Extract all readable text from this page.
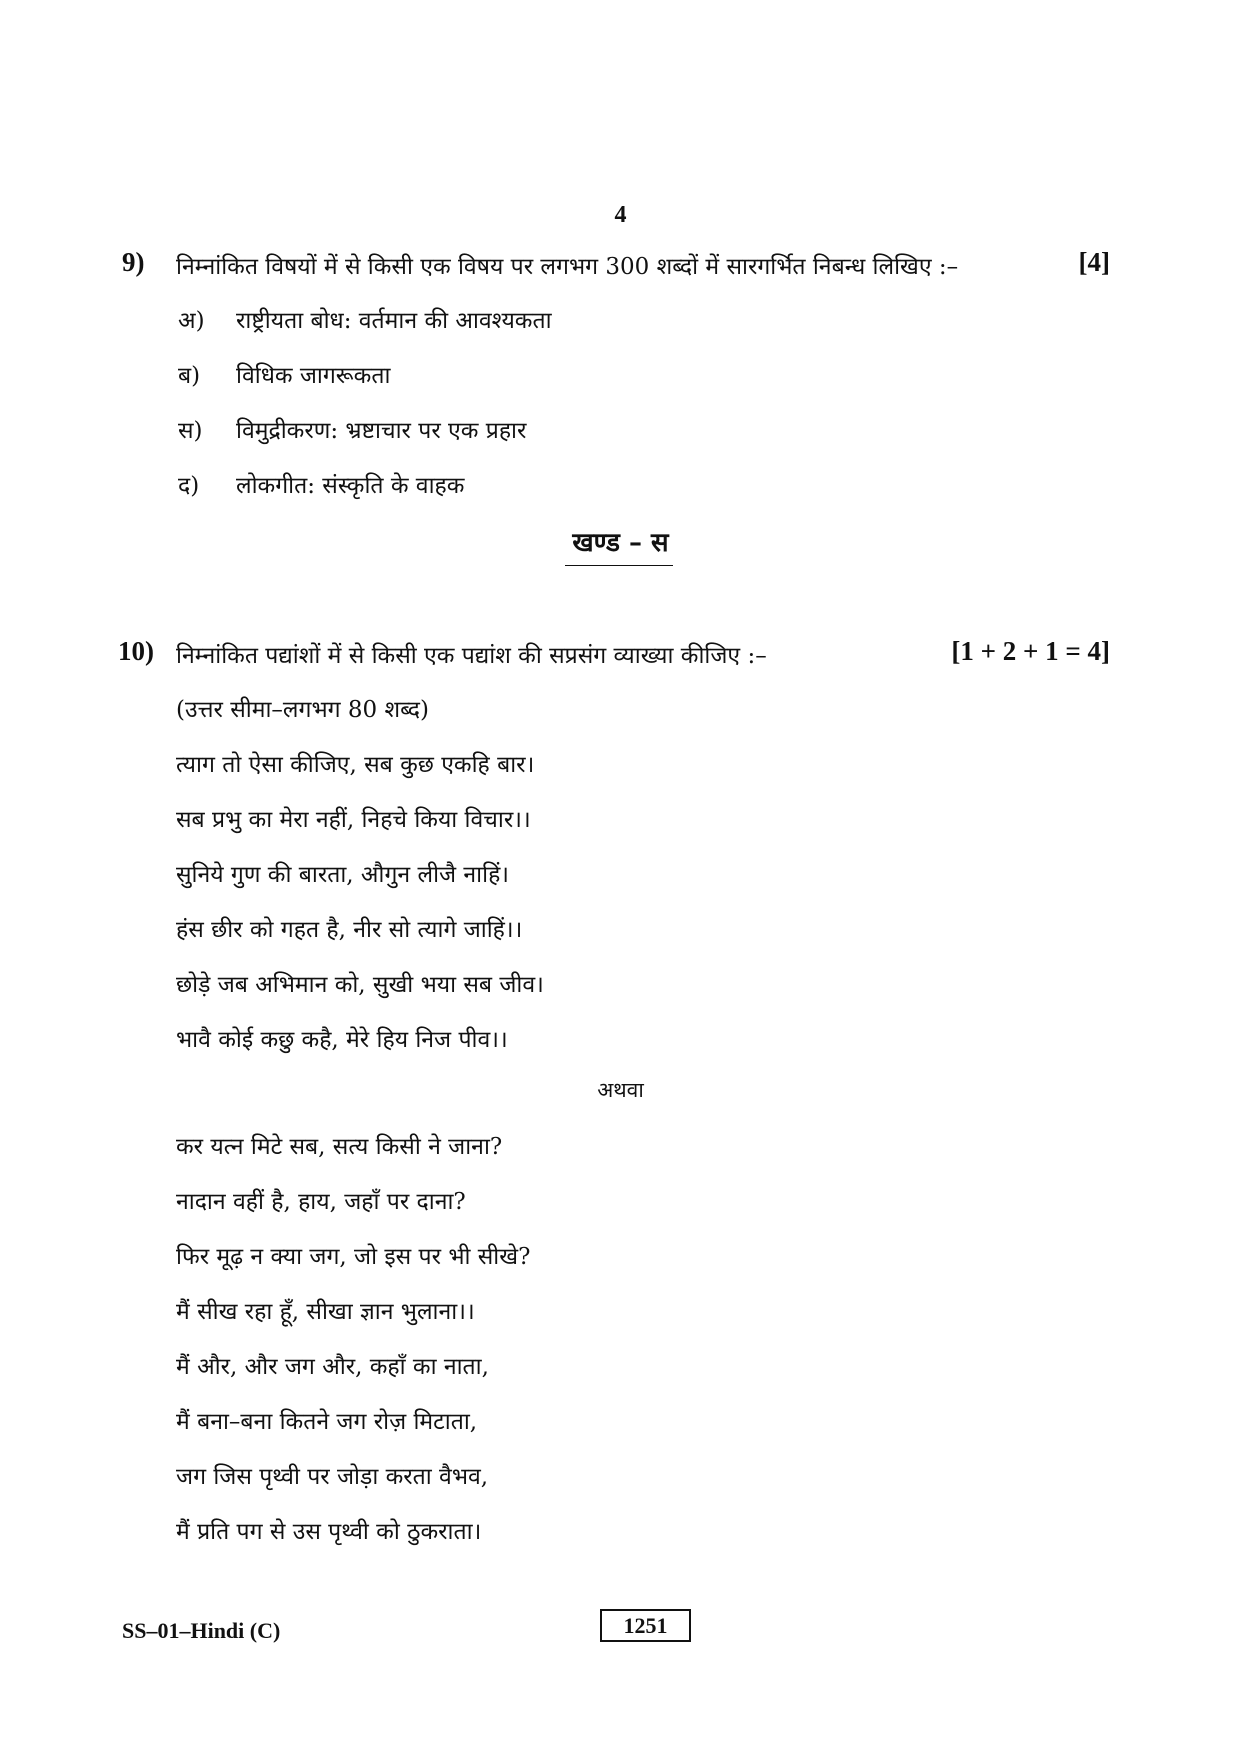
4
9) निम्नांकित विषयों में से किसी एक विषय पर लगभग 300 शब्दों में सारगर्भित निबन्ध लिखिए :–	[4]
अ) राष्ट्रीयता बोध: वर्तमान की आवश्यकता
ब) विधिक जागरूकता
स) विमुद्रीकरण: भ्रष्टाचार पर एक प्रहार
द) लोकगीत: संस्कृति के वाहक
खण्ड – स
10) निम्नांकित पद्यांशों में से किसी एक पद्यांश की सप्रसंग व्याख्या कीजिए :–	[1 + 2 + 1 = 4]
(उत्तर सीमा–लगभग 80 शब्द)
त्याग तो ऐसा कीजिए, सब कुछ एकहि बार।
सब प्रभु का मेरा नहीं, निहचे किया विचार।।
सुनिये गुण की बारता, औगुन लीजै नाहिं।
हंस छीर को गहत है, नीर सो त्यागे जाहिं।।
छोड़े जब अभिमान को, सुखी भया सब जीव।
भावै कोई कछु कहै, मेरे हिय निज पीव।।
अथवा
कर यत्न मिटे सब, सत्य किसी ने जाना?
नादान वहीं है, हाय, जहाँ पर दाना?
फिर मूढ़ न क्या जग, जो इस पर भी सीखे?
मैं सीख रहा हूँ, सीखा ज्ञान भुलाना।।
मैं और, और जग और, कहाँ का नाता,
मैं बना–बना कितने जग रोज़ मिटाता,
जग जिस पृथ्वी पर जोड़ा करता वैभव,
मैं प्रति पग से उस पृथ्वी को ठुकराता।
SS–01–Hindi (C)	1251
